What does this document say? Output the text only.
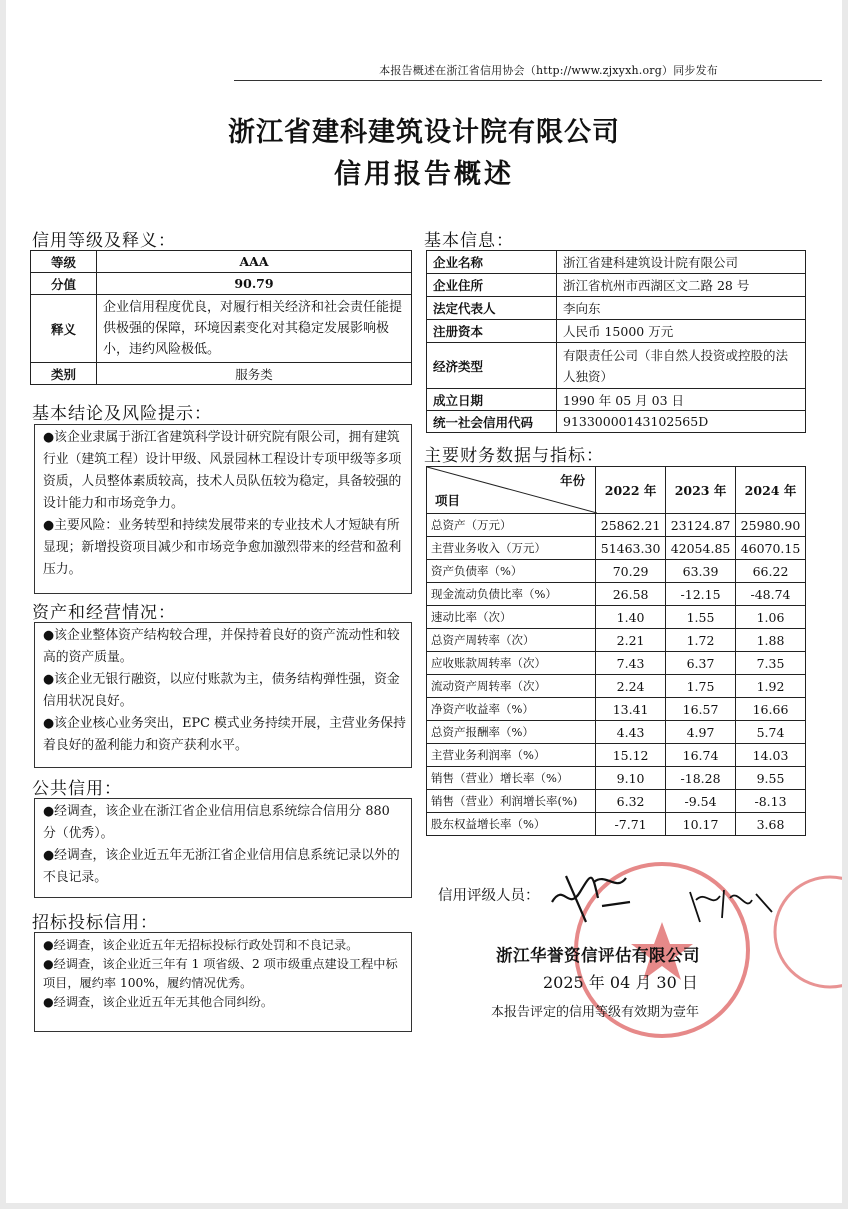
本报告概述在浙江省信用协会（http://www.zjxyxh.org）同步发布
浙江省建科建筑设计院有限公司
信用报告概述
信用等级及释义：
等级	AAA
分值	90.79
释义	企业信用程度优良，对履行相关经济和社会责任能提供极强的保障，环境因素变化对其稳定发展影响极小，违约风险极低。
类别	服务类
基本结论及风险提示：

●该企业隶属于浙江省建筑科学设计研究院有限公司，拥有建筑行业（建筑工程）设计甲级、风景园林工程设计专项甲级等多项资质，人员整体素质较高，技术人员队伍较为稳定，具备较强的设计能力和市场竞争力。

●主要风险：业务转型和持续发展带来的专业技术人才短缺有所显现；新增投资项目减少和市场竞争愈加激烈带来的经营和盈利压力。

资产和经营情况：

●该企业整体资产结构较合理，并保持着良好的资产流动性和较高的资产质量。

●该企业无银行融资，以应付账款为主，债务结构弹性强，资金信用状况良好。

●该企业核心业务突出，EPC 模式业务持续开展，主营业务保持着良好的盈利能力和资产获利水平。

公共信用：

●经调查，该企业在浙江省企业信用信息系统综合信用分 880 分（优秀）。

●经调查，该企业近五年无浙江省企业信用信息系统记录以外的不良记录。

招标投标信用：

●经调查，该企业近五年无招标投标行政处罚和不良记录。

●经调查，该企业近三年有 1 项省级、2 项市级重点建设工程中标项目，履约率 100%，履约情况优秀。

●经调查，该企业近五年无其他合同纠纷。

基本信息：
企业名称	浙江省建科建筑设计院有限公司
企业住所	浙江省杭州市西湖区文二路 28 号
法定代表人	李向东
注册资本	人民币 15000 万元
经济类型	有限责任公司（非自然人投资或控股的法人独资）
成立日期	1990 年 05 月 03 日
统一社会信用代码	91330000143102565D
主要财务数据与指标：
年份
项目	2022 年	2023 年	2024 年
总资产（万元）	25862.21	23124.87	25980.90
主营业务收入（万元）	51463.30	42054.85	46070.15
资产负债率（%）	70.29	63.39	66.22
现金流动负债比率（%）	26.58	-12.15	-48.74
速动比率（次）	1.40	1.55	1.06
总资产周转率（次）	2.21	1.72	1.88
应收账款周转率（次）	7.43	6.37	7.35
流动资产周转率（次）	2.24	1.75	1.92
净资产收益率（%）	13.41	16.57	16.66
总资产报酬率（%）	4.43	4.97	5.74
主营业务利润率（%）	15.12	16.74	14.03
销售（营业）增长率（%）	9.10	-18.28	9.55
销售（营业）利润增长率(%)	6.32	-9.54	-8.13
股东权益增长率（%）	-7.71	10.17	3.68
信用评级人员：
浙江华誉资信评估有限公司
2025 年 04 月 30 日
本报告评定的信用等级有效期为壹年
